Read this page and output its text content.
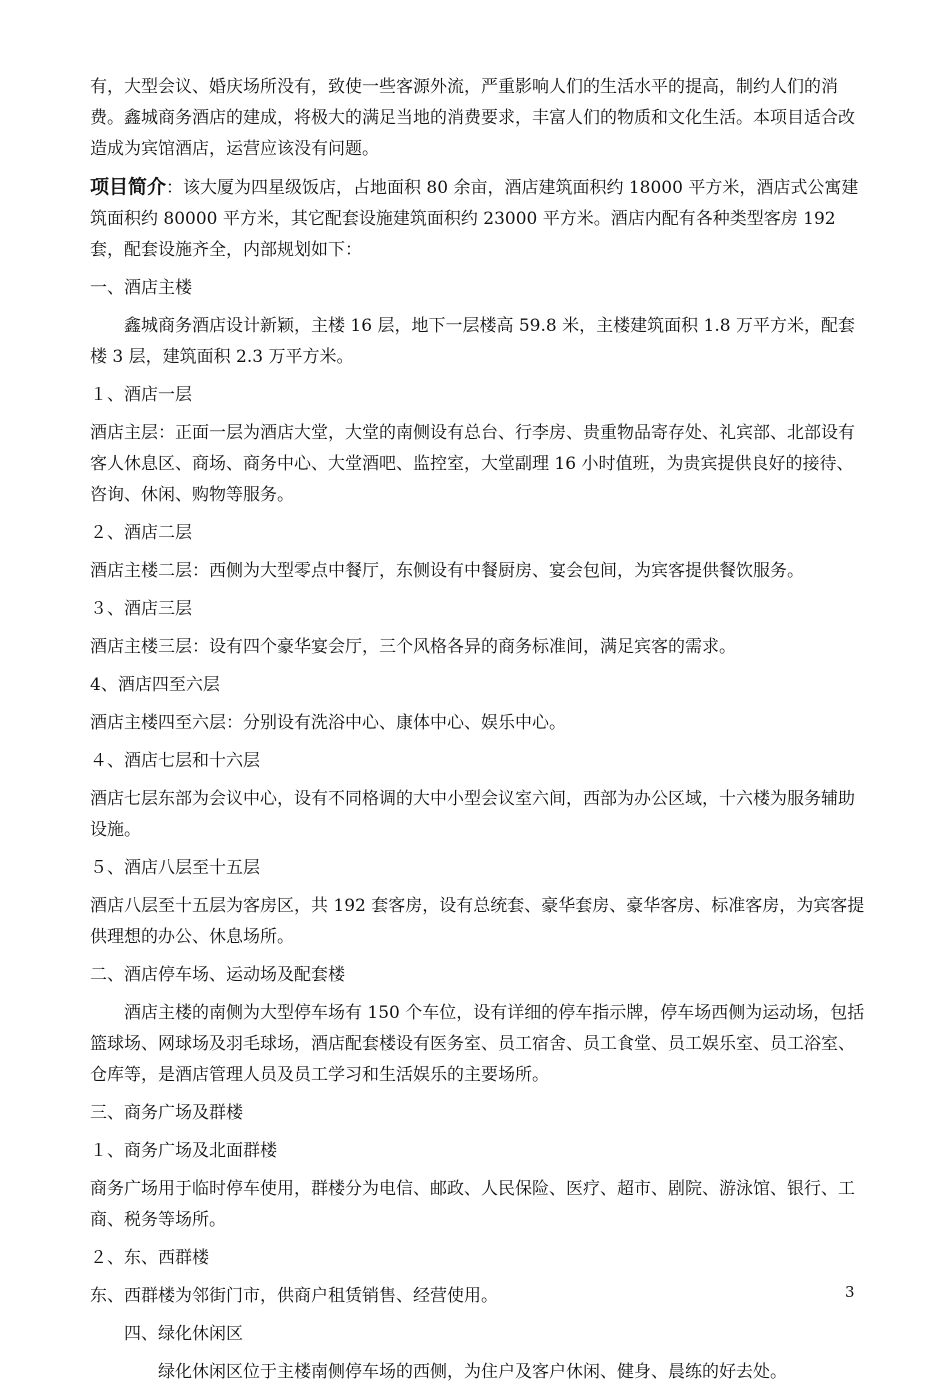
有，大型会议、婚庆场所没有，致使一些客源外流，严重影响人们的生活水平的提高，制约人们的消费。鑫城商务酒店的建成，将极大的满足当地的消费要求，丰富人们的物质和文化生活。本项目适合改造成为宾馆酒店，运营应该没有问题。

项目简介：该大厦为四星级饭店，占地面积 80 余亩，酒店建筑面积约 18000 平方米，酒店式公寓建筑面积约 80000 平方米，其它配套设施建筑面积约 23000 平方米。酒店内配有各种类型客房 192 套，配套设施齐全，内部规划如下：

一、酒店主楼

鑫城商务酒店设计新颖，主楼 16 层，地下一层楼高 59.8 米，主楼建筑面积 1.8 万平方米，配套楼 3 层，建筑面积 2.3 万平方米。

１、酒店一层

酒店主层：正面一层为酒店大堂，大堂的南侧设有总台、行李房、贵重物品寄存处、礼宾部、北部设有客人休息区、商场、商务中心、大堂酒吧、监控室，大堂副理 16 小时值班，为贵宾提供良好的接待、咨询、休闲、购物等服务。

２、酒店二层

酒店主楼二层：西侧为大型零点中餐厅，东侧设有中餐厨房、宴会包间，为宾客提供餐饮服务。

３、酒店三层

酒店主楼三层：设有四个豪华宴会厅，三个风格各异的商务标准间，满足宾客的需求。

4、酒店四至六层

酒店主楼四至六层：分别设有洗浴中心、康体中心、娱乐中心。

４、酒店七层和十六层

酒店七层东部为会议中心，设有不同格调的大中小型会议室六间，西部为办公区域，十六楼为服务辅助设施。

５、酒店八层至十五层

酒店八层至十五层为客房区，共 192 套客房，设有总统套、豪华套房、豪华客房、标准客房，为宾客提供理想的办公、休息场所。

二、酒店停车场、运动场及配套楼

酒店主楼的南侧为大型停车场有 150 个车位，设有详细的停车指示牌，停车场西侧为运动场，包括篮球场、网球场及羽毛球场，酒店配套楼设有医务室、员工宿舍、员工食堂、员工娱乐室、员工浴室、仓库等，是酒店管理人员及员工学习和生活娱乐的主要场所。

三、商务广场及群楼

１、商务广场及北面群楼

商务广场用于临时停车使用，群楼分为电信、邮政、人民保险、医疗、超市、剧院、游泳馆、银行、工商、税务等场所。

２、东、西群楼

东、西群楼为邻街门市，供商户租赁销售、经营使用。

四、绿化休闲区

绿化休闲区位于主楼南侧停车场的西侧，为住户及客户休闲、健身、晨练的好去处。

3
